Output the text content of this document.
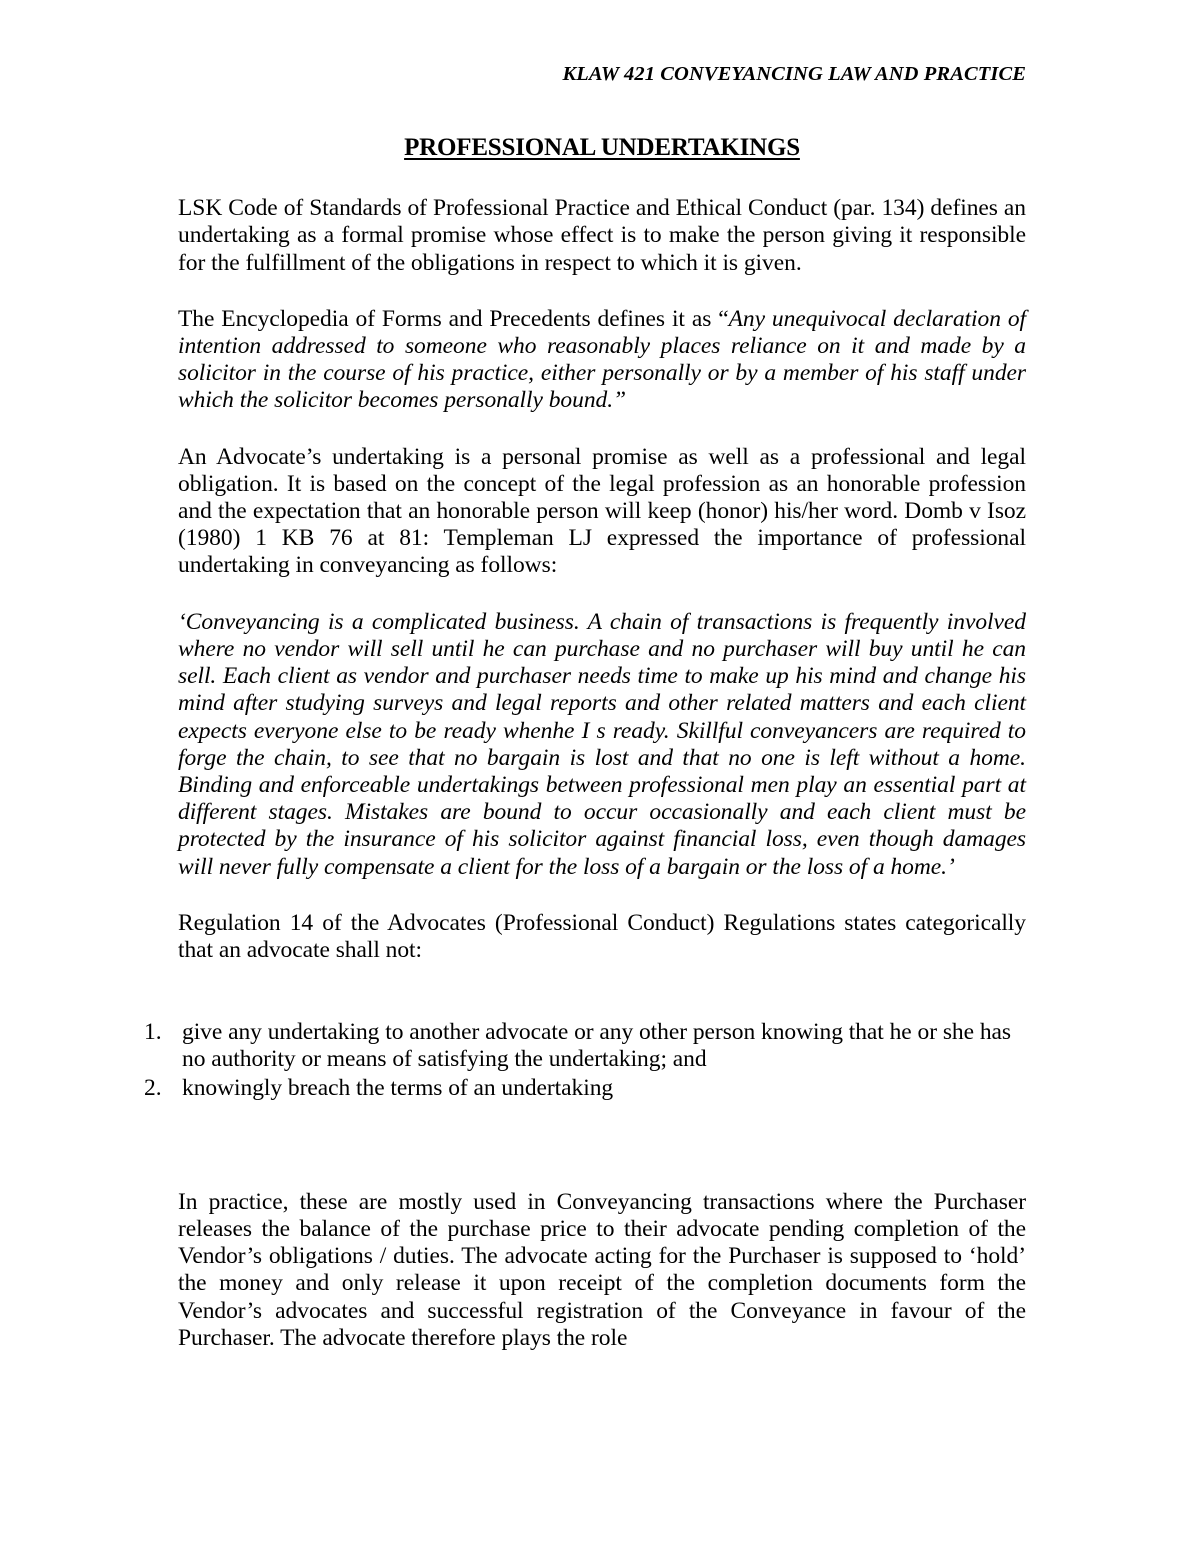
KLAW 421 CONVEYANCING LAW AND PRACTICE
PROFESSIONAL UNDERTAKINGS

LSK Code of Standards of Professional Practice and Ethical Conduct (par. 134) defines an undertaking as a formal promise whose effect is to make the person giving it responsible for the fulfillment of the obligations in respect to which it is given.

The Encyclopedia of Forms and Precedents defines it as “Any unequivocal declaration of intention addressed to someone who reasonably places reliance on it and made by a solicitor in the course of his practice, either personally or by a member of his staff under which the solicitor becomes personally bound.”

An Advocate’s undertaking is a personal promise as well as a professional and legal obligation. It is based on the concept of the legal profession as an honorable profession and the expectation that an honorable person will keep (honor) his/her word. Domb v Isoz (1980) 1 KB 76 at 81: Templeman LJ expressed the importance of professional undertaking in conveyancing as follows:

‘Conveyancing is a complicated business. A chain of transactions is frequently involved where no vendor will sell until he can purchase and no purchaser will buy until he can sell. Each client as vendor and purchaser needs time to make up his mind and change his mind after studying surveys and legal reports and other related matters and each client expects everyone else to be ready whenhe I s ready. Skillful conveyancers are required to forge the chain, to see that no bargain is lost and that no one is left without a home. Binding and enforceable undertakings between professional men play an essential part at different stages. Mistakes are bound to occur occasionally and each client must be protected by the insurance of his solicitor against financial loss, even though damages will never fully compensate a client for the loss of a bargain or the loss of a home.’

Regulation 14 of the Advocates (Professional Conduct) Regulations states categorically that an advocate shall not:

1. give any undertaking to another advocate or any other person knowing that he or she has no authority or means of satisfying the undertaking; and
2. knowingly breach the terms of an undertaking

In practice, these are mostly used in Conveyancing transactions where the Purchaser releases the balance of the purchase price to their advocate pending completion of the Vendor’s obligations / duties. The advocate acting for the Purchaser is supposed to ‘hold’ the money and only release it upon receipt of the completion documents form the Vendor’s advocates and successful registration of the Conveyance in favour of the Purchaser. The advocate therefore plays the role
